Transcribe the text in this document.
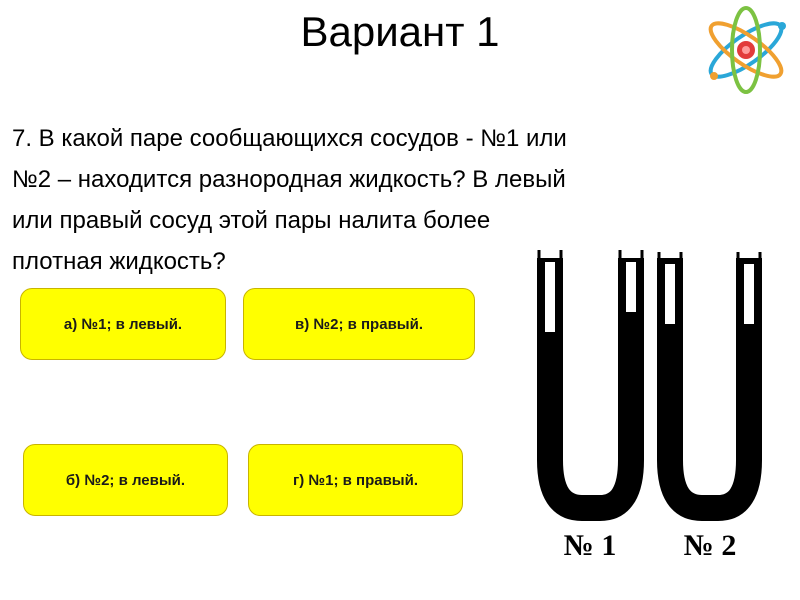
Вариант 1
7. В какой паре сообщающихся сосудов - №1 или
№2 – находится разнородная жидкость? В левый
или правый сосуд этой пары налита более
плотная жидкость?
а) №1; в левый.	в) №2; в правый.
б) №2; в левый.	г) №1; в правый.
№ 1 № 2
